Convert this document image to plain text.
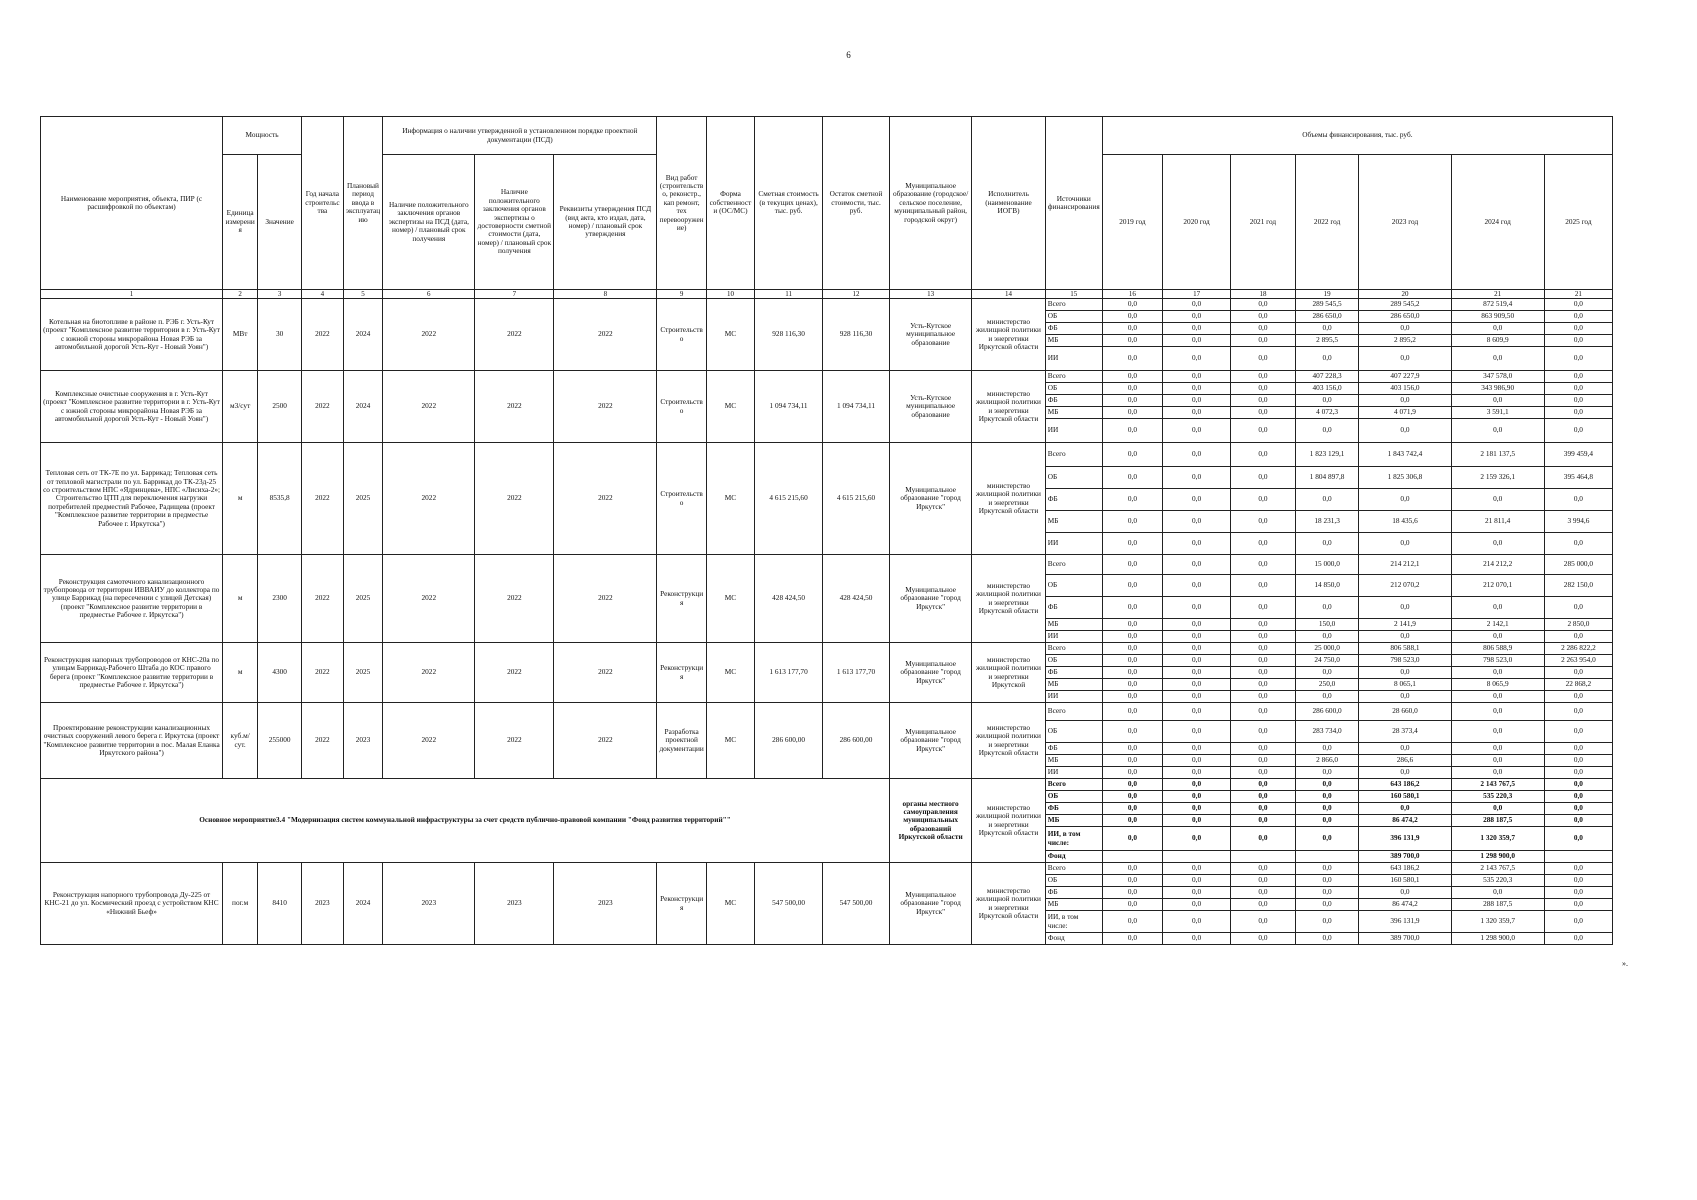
6
Наименование мероприятия, объекта, ПИР (с расшифровкой по объектам)	Мощность		Год начала строительства	Плановый период ввода в эксплуатацию	Информация о наличии утвержденной в установленном порядке проектной документации (ПСД)			Вид работ (строительство, реконстр., кап ремонт, тех перевооружение)	Форма собственности (ОС/МС)	Сметная стоимость (в текущих ценах), тыс. руб.	Остаток сметной стоимости, тыс. руб.	Муниципальное образование (городское/сельское поселение, муниципальный район, городской округ)	Исполнитель (наименование ИОГВ)	Источники финансирования	Объемы финансирования, тыс. руб.						
	Единица измерения	Значение			Наличие положительного заключения органов экспертизы на ПСД (дата, номер) / плановый срок получения	Наличие положительного заключения органов экспертизы о достоверности сметной стоимости (дата, номер) / плановый срок получения	Реквизиты утверждения ПСД (вид акта, кто издал, дата, номер) / плановый срок утверждения								2019 год	2020 год	2021 год	2022 год	2023 год	2024 год	2025 год
1	2	3	4	5	6	7	8	9	10	11	12	13	14	15	16	17	18	19	20	21	21
Котельная на биотопливе в районе п. РЭБ г. Усть-Кут (проект "Комплексное развитие территории в г. Усть-Кут с южной стороны микрорайона Новая РЭБ за автомобильной дорогой Усть-Кут - Новый Уоян")	МВт	30	2022	2024	2022	2022	2022	Строительство	МС	928 116,30	928 116,30	Усть-Кутское муниципальное образование	министерство жилищной политики и энергетики Иркутской области	Всего	0,0	0,0	0,0	289 545,5	289 545,2	872 519,4	0,0
														ОБ	0,0	0,0	0,0	286 650,0	286 650,0	863 909,50	0,0
														ФБ	0,0	0,0	0,0	0,0	0,0	0,0	0,0
														МБ	0,0	0,0	0,0	2 895,5	2 895,2	8 609,9	0,0
														ИИ	0,0	0,0	0,0	0,0	0,0	0,0	0,0
Комплексные очистные сооружения в г. Усть-Кут (проект "Комплексное развитие территории в г. Усть-Кут с южной стороны микрорайона Новая РЭБ за автомобильной дорогой Усть-Кут - Новый Уоян")	м3/сут	2500	2022	2024	2022	2022	2022	Строительство	МС	1 094 734,11	1 094 734,11	Усть-Кутское муниципальное образование	министерство жилищной политики и энергетики Иркутской области	Всего	0,0	0,0	0,0	407 228,3	407 227,9	347 578,0	0,0
														ОБ	0,0	0,0	0,0	403 156,0	403 156,0	343 986,90	0,0
														ФБ	0,0	0,0	0,0	0,0	0,0	0,0	0,0
														МБ	0,0	0,0	0,0	4 072,3	4 071,9	3 591,1	0,0
														ИИ	0,0	0,0	0,0	0,0	0,0	0,0	0,0
Тепловая сеть от ТК-7Е по ул. Баррикад; Тепловая сеть от тепловой магистрали по ул. Баррикад до ТК-23д-25 со строительством НПС «Ядринцева», НПС «Лисиха-2»; Строительство ЦТП для переключения нагрузки потребителей предместий Рабочее, Радищева (проект "Комплексное развитие территории в предместье Рабочее г. Иркутска")	м	8535,8	2022	2025	2022	2022	2022	Строительство	МС	4 615 215,60	4 615 215,60	Муниципальное образование "город Иркутск"	министерство жилищной политики и энергетики Иркутской области	Всего	0,0	0,0	0,0	1 823 129,1	1 843 742,4	2 181 137,5	399 459,4
														ОБ	0,0	0,0	0,0	1 804 897,8	1 825 306,8	2 159 326,1	395 464,8
														ФБ	0,0	0,0	0,0	0,0	0,0	0,0	0,0
														МБ	0,0	0,0	0,0	18 231,3	18 435,6	21 811,4	3 994,6
														ИИ	0,0	0,0	0,0	0,0	0,0	0,0	0,0
Реконструкция самотечного канализационного трубопровода от территории ИВВАИУ до коллектора по улице Баррикад (на пересечении с улицей Детская) (проект "Комплексное развитие территории в предместье Рабочее г. Иркутска")	м	2300	2022	2025	2022	2022	2022	Реконструкция	МС	428 424,50	428 424,50	Муниципальное образование "город Иркутск"	министерство жилищной политики и энергетики Иркутской области	Всего	0,0	0,0	0,0	15 000,0	214 212,1	214 212,2	285 000,0
														ОБ	0,0	0,0	0,0	14 850,0	212 070,2	212 070,1	282 150,0
														ФБ	0,0	0,0	0,0	0,0	0,0	0,0	0,0
														МБ	0,0	0,0	0,0	150,0	2 141,9	2 142,1	2 850,0
														ИИ	0,0	0,0	0,0	0,0	0,0	0,0	0,0
Реконструкция напорных трубопроводов от КНС-20а по улицам Баррикад-Рабочего Штаба до КОС правого берега (проект "Комплексное развитие территории в предместье Рабочее г. Иркутска")	м	4300	2022	2025	2022	2022	2022	Реконструкция	МС	1 613 177,70	1 613 177,70	Муниципальное образование "город Иркутск"	министерство жилищной политики и энергетики Иркутской	Всего	0,0	0,0	0,0	25 000,0	806 588,1	806 588,9	2 286 822,2
														ОБ	0,0	0,0	0,0	24 750,0	798 523,0	798 523,0	2 263 954,0
														ФБ	0,0	0,0	0,0	0,0	0,0	0,0	0,0
														МБ	0,0	0,0	0,0	250,0	8 065,1	8 065,9	22 868,2
														ИИ	0,0	0,0	0,0	0,0	0,0	0,0	0,0
Проектирование реконструкции канализационных очистных сооружений левого берега г. Иркутска (проект "Комплексное развитие территории в пос. Малая Еланка Иркутского района")	куб.м/сут.	255000	2022	2023	2022	2022	2022	Разработка проектной документации	МС	286 600,00	286 600,00	Муниципальное образование "город Иркутск"	министерство жилищной политики и энергетики Иркутской области	Всего	0,0	0,0	0,0	286 600,0	28 660,0	0,0	0,0
														ОБ	0,0	0,0	0,0	283 734,0	28 373,4	0,0	0,0
														ФБ	0,0	0,0	0,0	0,0	0,0	0,0	0,0
														МБ	0,0	0,0	0,0	2 866,0	286,6	0,0	0,0
														ИИ	0,0	0,0	0,0	0,0	0,0	0,0	0,0
Основное мероприятие3.4 "Модернизация систем коммунальной инфраструктуры за счет средств публично-правовой компании "Фонд развития территорий""												органы местного самоуправления муниципальных образований Иркутской области	министерство жилищной политики и энергетики Иркутской области	Всего	0,0	0,0	0,0	0,0	643 186,2	2 143 767,5	0,0
														ОБ	0,0	0,0	0,0	0,0	160 580,1	535 220,3	0,0
														ФБ	0,0	0,0	0,0	0,0	0,0	0,0	0,0
														МБ	0,0	0,0	0,0	0,0	86 474,2	288 187,5	0,0
														ИИ, в том числе:	0,0	0,0	0,0	0,0	396 131,9	1 320 359,7	0,0
														Фонд					389 700,0	1 298 900,0	
Реконструкция напорного трубопровода Ду-225 от КНС-21 до ул. Космический проезд с устройством КНС «Нижний Бьеф»	пог.м	8410	2023	2024	2023	2023	2023	Реконструкция	МС	547 500,00	547 500,00	Муниципальное образование "город Иркутск"	министерство жилищной политики и энергетики Иркутской области	Всего	0,0	0,0	0,0	0,0	643 186,2	2 143 767,5	0,0
														ОБ	0,0	0,0	0,0	0,0	160 580,1	535 220,3	0,0
														ФБ	0,0	0,0	0,0	0,0	0,0	0,0	0,0
														МБ	0,0	0,0	0,0	0,0	86 474,2	288 187,5	0,0
														ИИ, в том числе:	0,0	0,0	0,0	0,0	396 131,9	1 320 359,7	0,0
														Фонд	0,0	0,0	0,0	0,0	389 700,0	1 298 900,0	0,0
».
